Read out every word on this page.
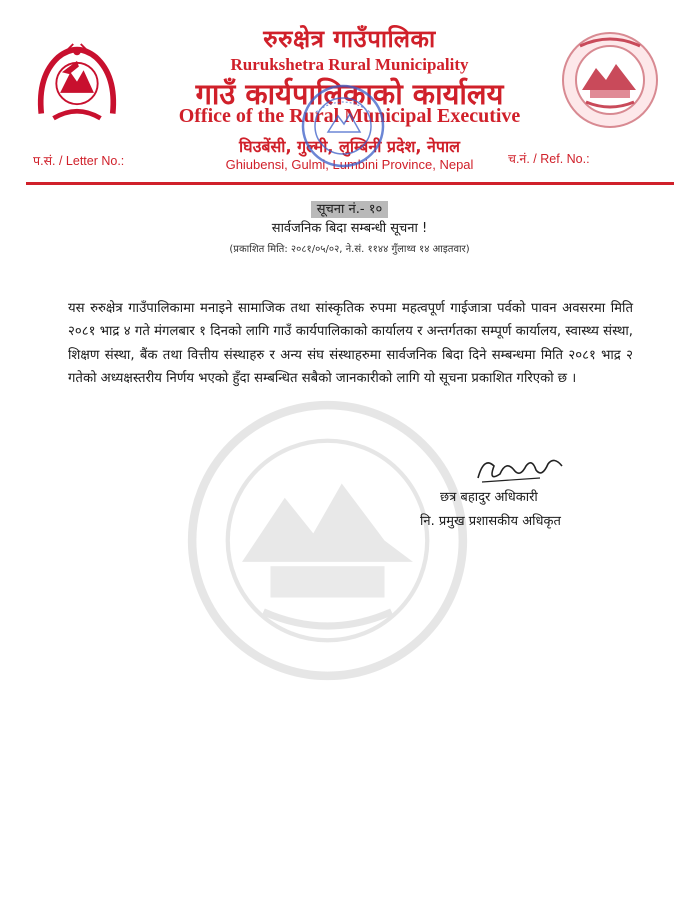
रुरुक्षेत्र गाउँपालिका
Rurukshetra Rural Municipality
गाउँ कार्यपालिकाको कार्यालय
Office of the Rural Municipal Executive
घिउबेंसी, गुल्मी, लुम्बिनी प्रदेश, नेपाल
Ghiubensi, Gulmi, Lumbini Province, Nepal
प.सं. / Letter No.:	च.नं. / Ref. No.:
सूचना नं.- १०
सार्वजनिक बिदा सम्बन्धी सूचना !
(प्रकाशित मिति: २०८१/०५/०२, ने.सं. ११४४ गुँलाथ्व १४ आइतवार)

यस रुरुक्षेत्र गाउँपालिकामा मनाइने सामाजिक तथा सांस्कृतिक रुपमा महत्वपूर्ण गाईजात्रा पर्वको पावन अवसरमा मिति २०८१ भाद्र ४ गते मंगलबार १ दिनको लागि गाउँ कार्यपालिकाको कार्यालय र अन्तर्गतका सम्पूर्ण कार्यालय, स्वास्थ्य संस्था, शिक्षण संस्था, बैंक तथा वित्तीय संस्थाहरु र अन्य संघ संस्थाहरुमा सार्वजनिक बिदा दिने सम्बन्धमा मिति २०८१ भाद्र २ गतेको अध्यक्षस्तरीय निर्णय भएको हुँदा सम्बन्धित सबैको जानकारीको लागि यो सूचना प्रकाशित गरिएको छ ।

छत्र बहादुर अधिकारी
नि. प्रमुख प्रशासकीय अधिकृत
